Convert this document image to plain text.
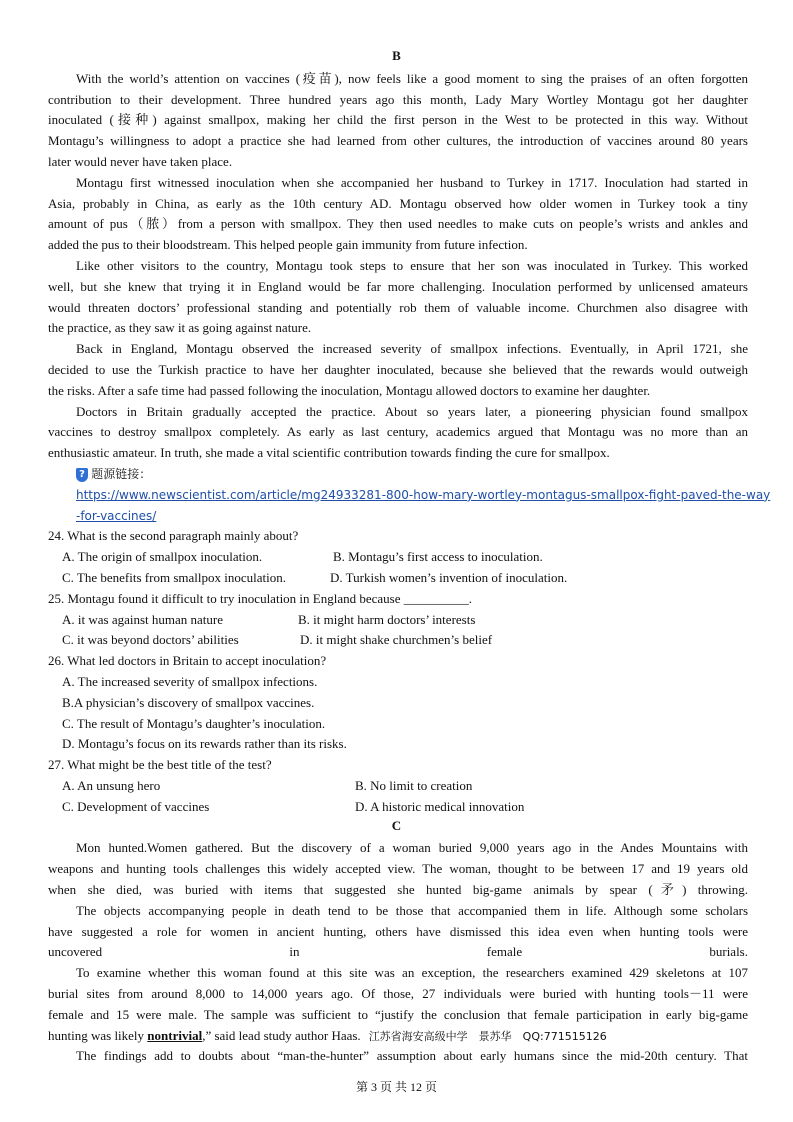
B
With the world’s attention on vaccines (疫苗), now feels like a good moment to sing the praises of an often forgotten
contribution to their development. Three hundred years ago this month, Lady Mary Wortley Montagu got her daughter
inoculated (接种) against smallpox, making her child the first person in the West to be protected in this way. Without
Montagu’s willingness to adopt a practice she had learned from other cultures, the introduction of vaccines around 80 years
later would never have taken place.
Montagu first witnessed inoculation when she accompanied her husband to Turkey in 1717. Inoculation had started in
Asia, probably in China, as early as the 10th century AD. Montagu observed how older women in Turkey took a tiny
amount of pus（脓）from a person with smallpox. They then used needles to make cuts on people’s wrists and ankles and
added the pus to their bloodstream. This helped people gain immunity from future infection.
Like other visitors to the country, Montagu took steps to ensure that her son was inoculated in Turkey. This worked
well, but she knew that trying it in England would be far more challenging. Inoculation performed by unlicensed amateurs
would threaten doctors’ professional standing and potentially rob them of valuable income. Churchmen also disagree with
the practice, as they saw it as going against nature.
Back in England, Montagu observed the increased severity of smallpox infections. Eventually, in April 1721, she
decided to use the Turkish practice to have her daughter inoculated, because she believed that the rewards would outweigh
the risks. After a safe time had passed following the inoculation, Montagu allowed doctors to examine her daughter.
Doctors in Britain gradually accepted the practice. About so years later, a pioneering physician found smallpox
vaccines to destroy smallpox completely. As early as last century, academics argued that Montagu was no more than an
enthusiastic amateur. In truth, she made a vital scientific contribution towards finding the cure for smallpox.
? 题源链接：
https://www.newscientist.com/article/mg24933281-800-how-mary-wortley-montagus-smallpox-fight-paved-the-way
-for-vaccines/
24. What is the second paragraph mainly about?
A. The origin of smallpox inoculation.	B. Montagu’s first access to inoculation.
C. The benefits from smallpox inoculation.	D. Turkish women’s invention of inoculation.
25. Montagu found it difficult to try inoculation in England because __________.
A. it was against human nature	B. it might harm doctors’ interests
C. it was beyond doctors’ abilities	D. it might shake churchmen’s belief
26. What led doctors in Britain to accept inoculation?
A. The increased severity of smallpox infections.
B.A physician’s discovery of smallpox vaccines.
C. The result of Montagu’s daughter’s inoculation.
D. Montagu’s focus on its rewards rather than its risks.
27. What might be the best title of the test?
A. An unsung hero	B. No limit to creation
C. Development of vaccines	D. A historic medical innovation
C
Mon hunted.Women gathered. But the discovery of a woman buried 9,000 years ago in the Andes Mountains with
weapons and hunting tools challenges this widely accepted view. The woman, thought to be between 17 and 19 years old
when she died, was buried with items that suggested she hunted big-game animals by spear (矛) throwing.
The objects accompanying people in death tend to be those that accompanied them in life. Although some scholars
have suggested a role for women in ancient hunting, others have dismissed this idea even when hunting tools were
uncovered in female burials.
To examine whether this woman found at this site was an exception, the researchers examined 429 skeletons at 107
burial sites from around 8,000 to 14,000 years ago. Of those, 27 individuals were buried with hunting tools－11 were
female and 15 were male. The sample was sufficient to “justify the conclusion that female participation in early big-game
hunting was likely nontrivial,” said lead study author Haas. 江苏省海安高级中学　景苏华　QQ:771515126
The findings add to doubts about “man-the-hunter” assumption about early humans since the mid-20th century. That
第 3 页 共 12 页
